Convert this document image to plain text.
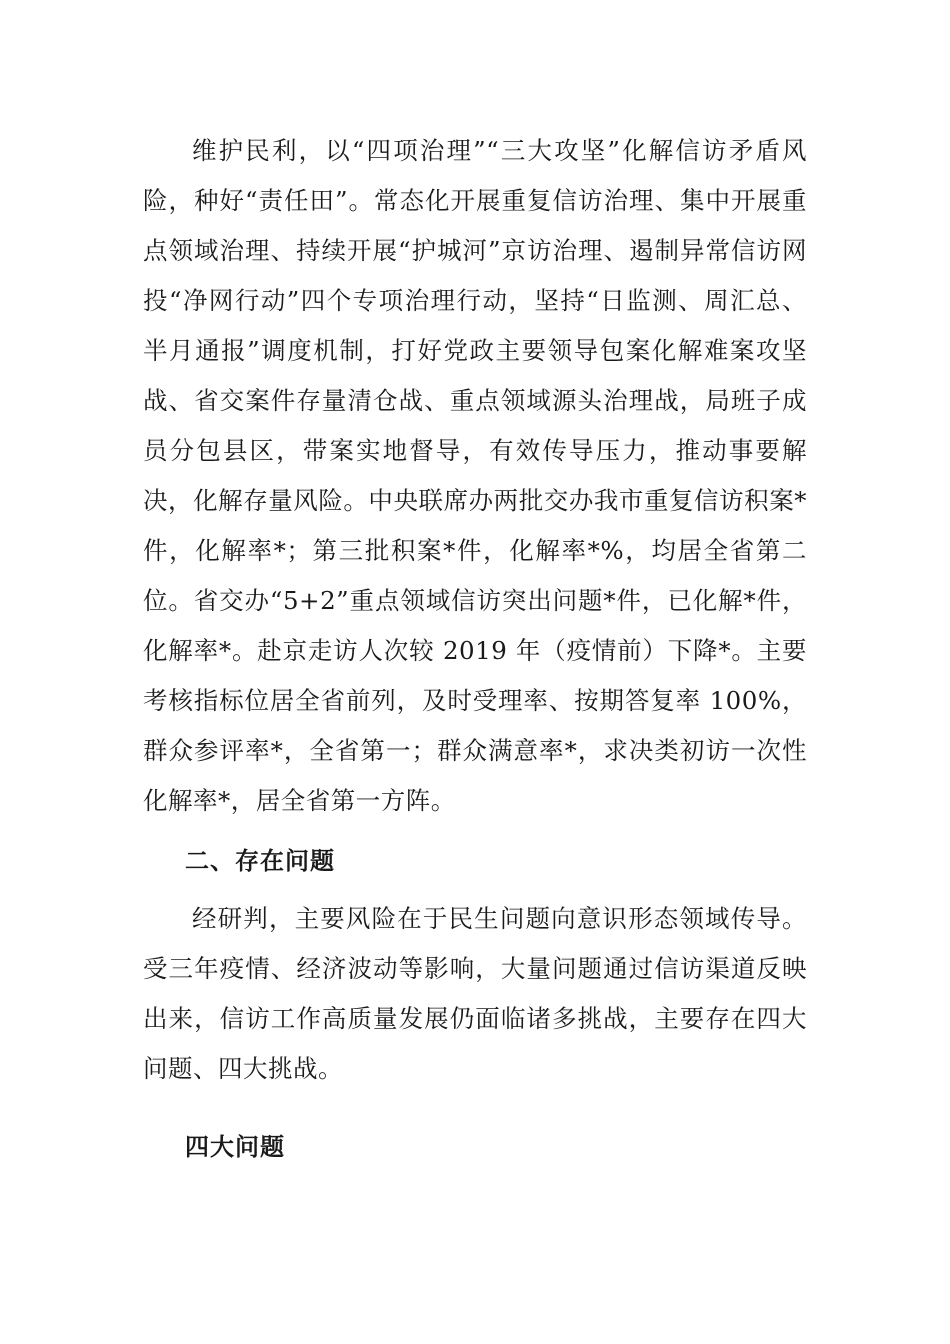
维护民利，以“四项治理”“三大攻坚”化解信访矛盾风险，种好“责任田”。常态化开展重复信访治理、集中开展重点领域治理、持续开展“护城河”京访治理、遏制异常信访网投“净网行动”四个专项治理行动，坚持“日监测、周汇总、半月通报”调度机制，打好党政主要领导包案化解难案攻坚战、省交案件存量清仓战、重点领域源头治理战，局班子成员分包县区，带案实地督导，有效传导压力，推动事要解决，化解存量风险。中央联席办两批交办我市重复信访积案*件，化解率*；第三批积案*件，化解率*%，均居全省第二位。省交办“5+2”重点领域信访突出问题*件，已化解*件，化解率*。赴京走访人次较 2019 年（疫情前）下降*。主要考核指标位居全省前列，及时受理率、按期答复率 100%，群众参评率*，全省第一；群众满意率*，求决类初访一次性化解率*，居全省第一方阵。

二、存在问题

经研判，主要风险在于民生问题向意识形态领域传导。受三年疫情、经济波动等影响，大量问题通过信访渠道反映出来，信访工作高质量发展仍面临诸多挑战，主要存在四大问题、四大挑战。

四大问题
